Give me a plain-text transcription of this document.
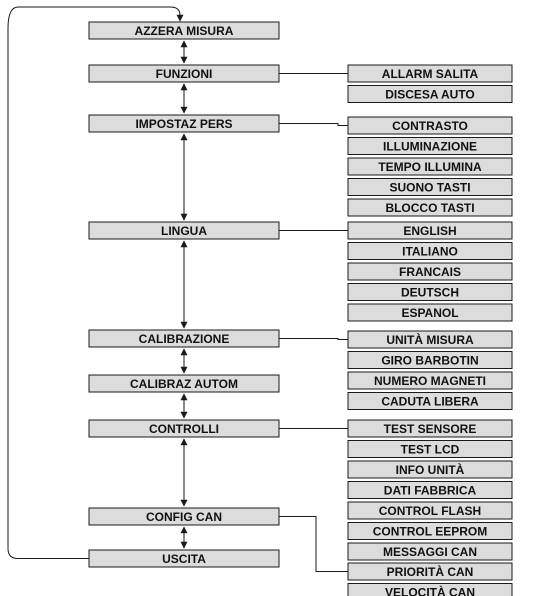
AZZERA MISURA
FUNZIONI
IMPOSTAZ PERS
LINGUA
CALIBRAZIONE
CALIBRAZ AUTOM
CONTROLLI
CONFIG CAN
USCITA
ALLARM SALITA
DISCESA AUTO
CONTRASTO
ILLUMINAZIONE
TEMPO ILLUMINA
SUONO TASTI
BLOCCO TASTI
ENGLISH
ITALIANO
FRANCAIS
DEUTSCH
ESPANOL
UNITÀ MISURA
GIRO BARBOTIN
NUMERO MAGNETI
CADUTA LIBERA
TEST SENSORE
TEST LCD
INFO UNITÀ
DATI FABBRICA
CONTROL FLASH
CONTROL EEPROM
MESSAGGI CAN
PRIORITÀ CAN
VELOCITÀ CAN
